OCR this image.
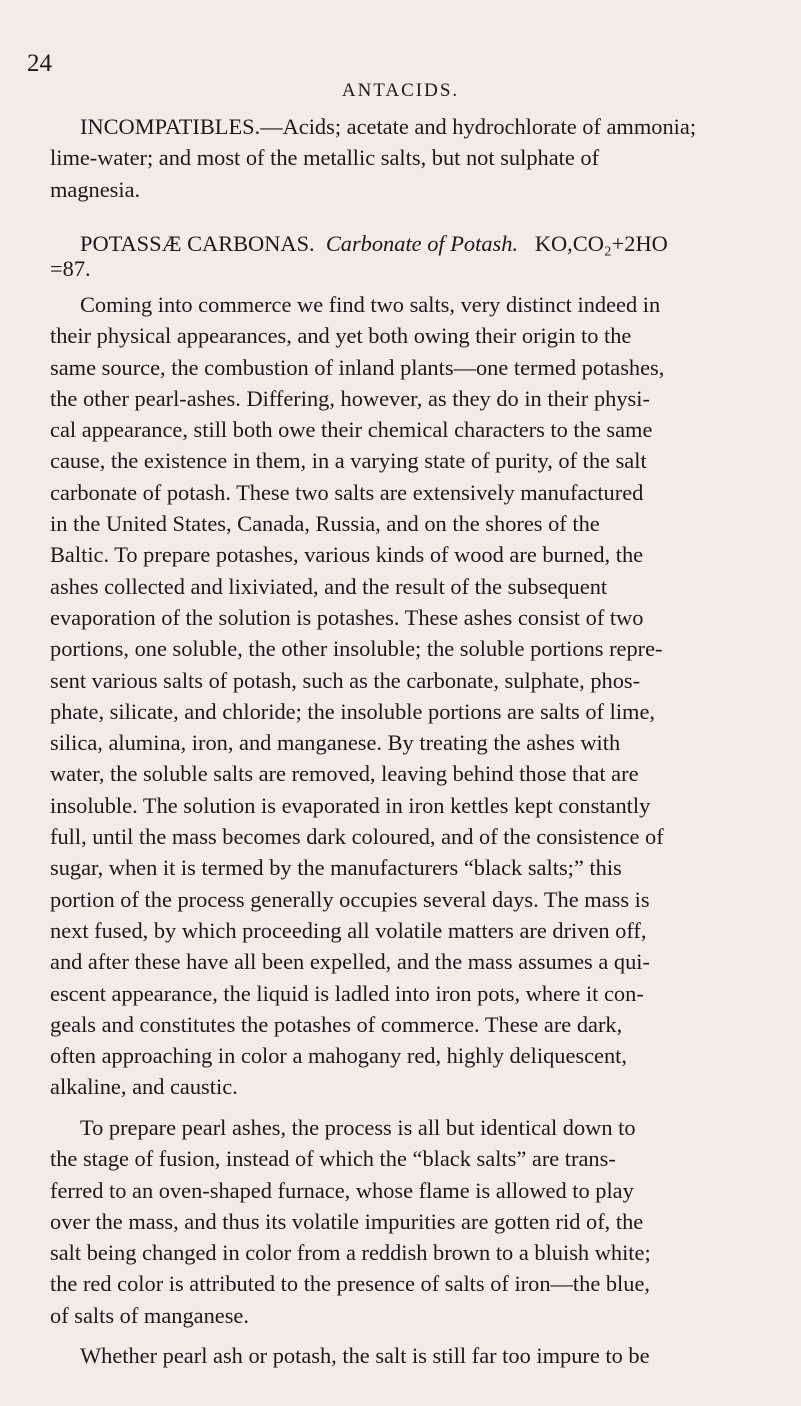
24
ANTACIDS.
INCOMPATIBLES.—Acids; acetate and hydrochlorate of ammonia;
lime-water; and most of the metallic salts, but not sulphate of
magnesia.
POTASSÆ CARBONAS. Carbonate of Potash. KO,CO₂+2HO
=87.
Coming into commerce we find two salts, very distinct indeed in
their physical appearances, and yet both owing their origin to the
same source, the combustion of inland plants—one termed potashes,
the other pearl-ashes. Differing, however, as they do in their physi-
cal appearance, still both owe their chemical characters to the same
cause, the existence in them, in a varying state of purity, of the salt
carbonate of potash. These two salts are extensively manufactured
in the United States, Canada, Russia, and on the shores of the
Baltic. To prepare potashes, various kinds of wood are burned, the
ashes collected and lixiviated, and the result of the subsequent
evaporation of the solution is potashes. These ashes consist of two
portions, one soluble, the other insoluble; the soluble portions repre-
sent various salts of potash, such as the carbonate, sulphate, phos-
phate, silicate, and chloride; the insoluble portions are salts of lime,
silica, alumina, iron, and manganese. By treating the ashes with
water, the soluble salts are removed, leaving behind those that are
insoluble. The solution is evaporated in iron kettles kept constantly
full, until the mass becomes dark coloured, and of the consistence of
sugar, when it is termed by the manufacturers “black salts;” this
portion of the process generally occupies several days. The mass is
next fused, by which proceeding all volatile matters are driven off,
and after these have all been expelled, and the mass assumes a qui-
escent appearance, the liquid is ladled into iron pots, where it con-
geals and constitutes the potashes of commerce. These are dark,
often approaching in color a mahogany red, highly deliquescent,
alkaline, and caustic.
To prepare pearl ashes, the process is all but identical down to
the stage of fusion, instead of which the “black salts” are trans-
ferred to an oven-shaped furnace, whose flame is allowed to play
over the mass, and thus its volatile impurities are gotten rid of, the
salt being changed in color from a reddish brown to a bluish white;
the red color is attributed to the presence of salts of iron—the blue,
of salts of manganese.
Whether pearl ash or potash, the salt is still far too impure to be
